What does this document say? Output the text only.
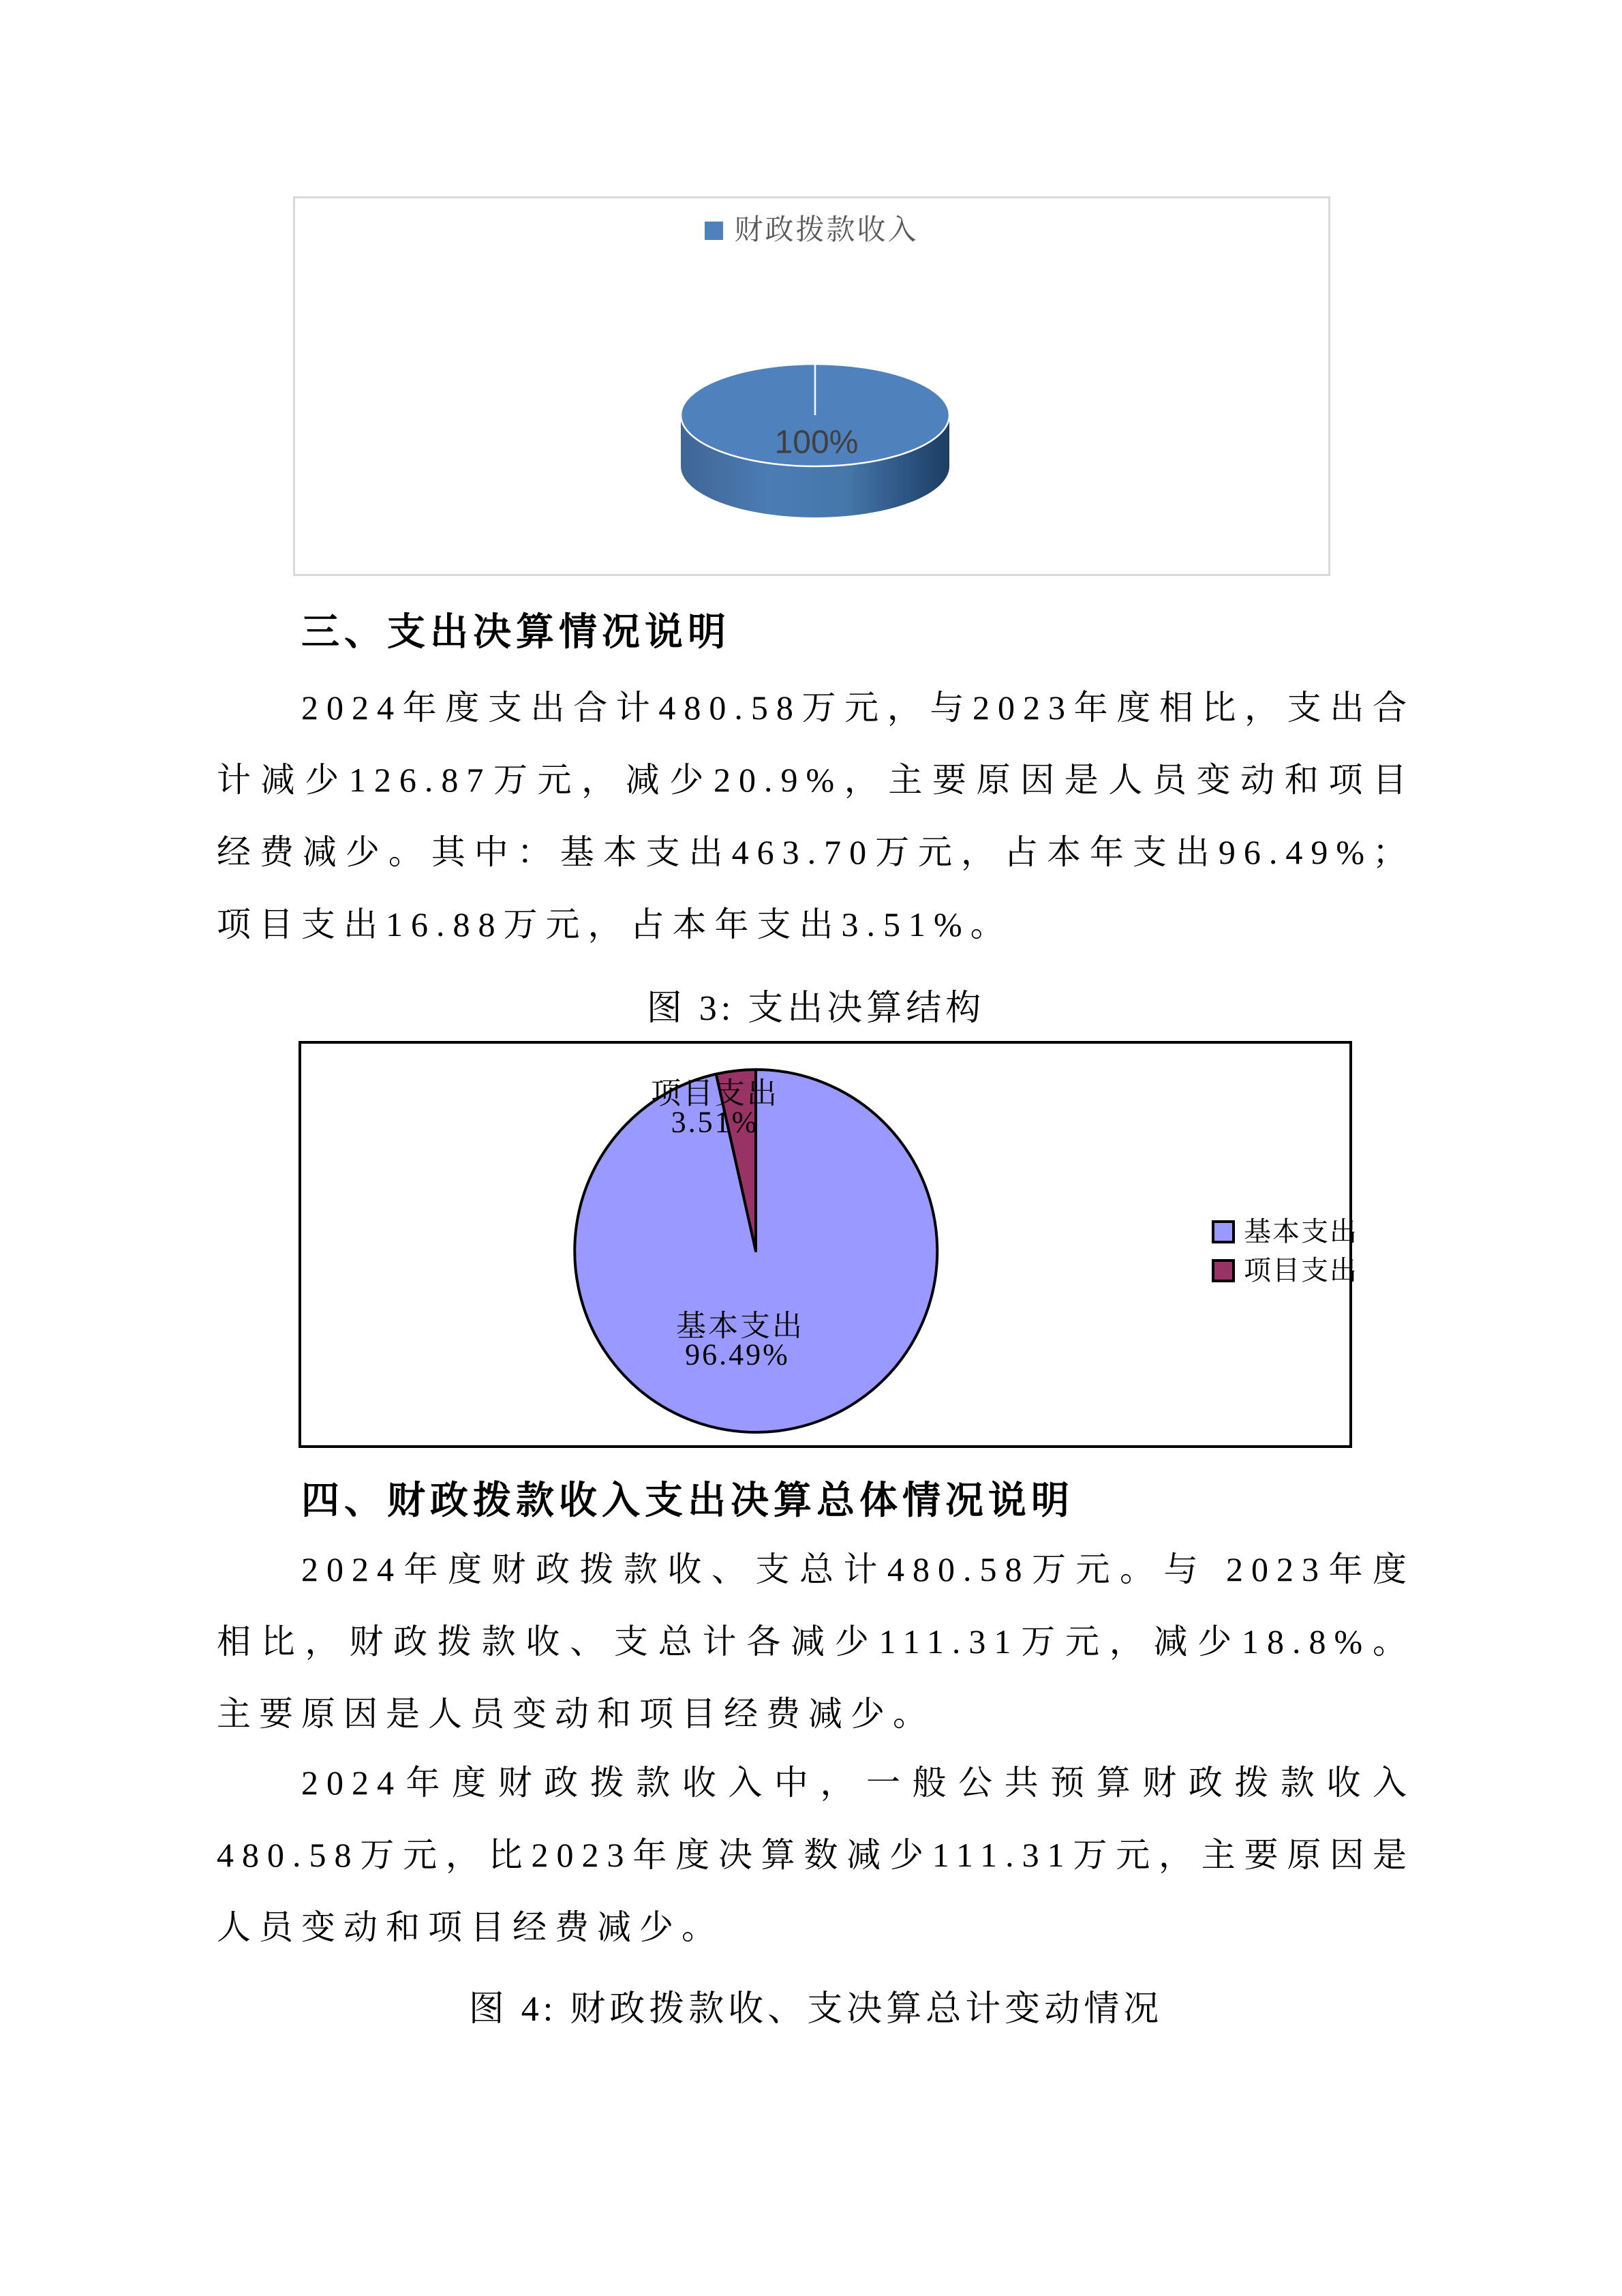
财政拨款收入
100%
三、支出决算情况说明
2024年度支出合计480.58万元，与2023年度相比，支出合计减少126.87万元，减少20.9%，主要原因是人员变动和项目经费减少。其中：基本支出463.70万元，占本年支出96.49%；项目支出16.88万元，占本年支出3.51%。
图 3: 支出决算结构
项目支出
3.51%
基本支出
96.49%
基本支出
项目支出
四、财政拨款收入支出决算总体情况说明
2024年度财政拨款收、支总计480.58万元。与 2023年度相比，财政拨款收、支总计各减少111.31万元，减少18.8%。主要原因是人员变动和项目经费减少。
2024年度财政拨款收入中，一般公共预算财政拨款收入480.58万元，比2023年度决算数减少111.31万元，主要原因是人员变动和项目经费减少。
图 4: 财政拨款收、支决算总计变动情况
